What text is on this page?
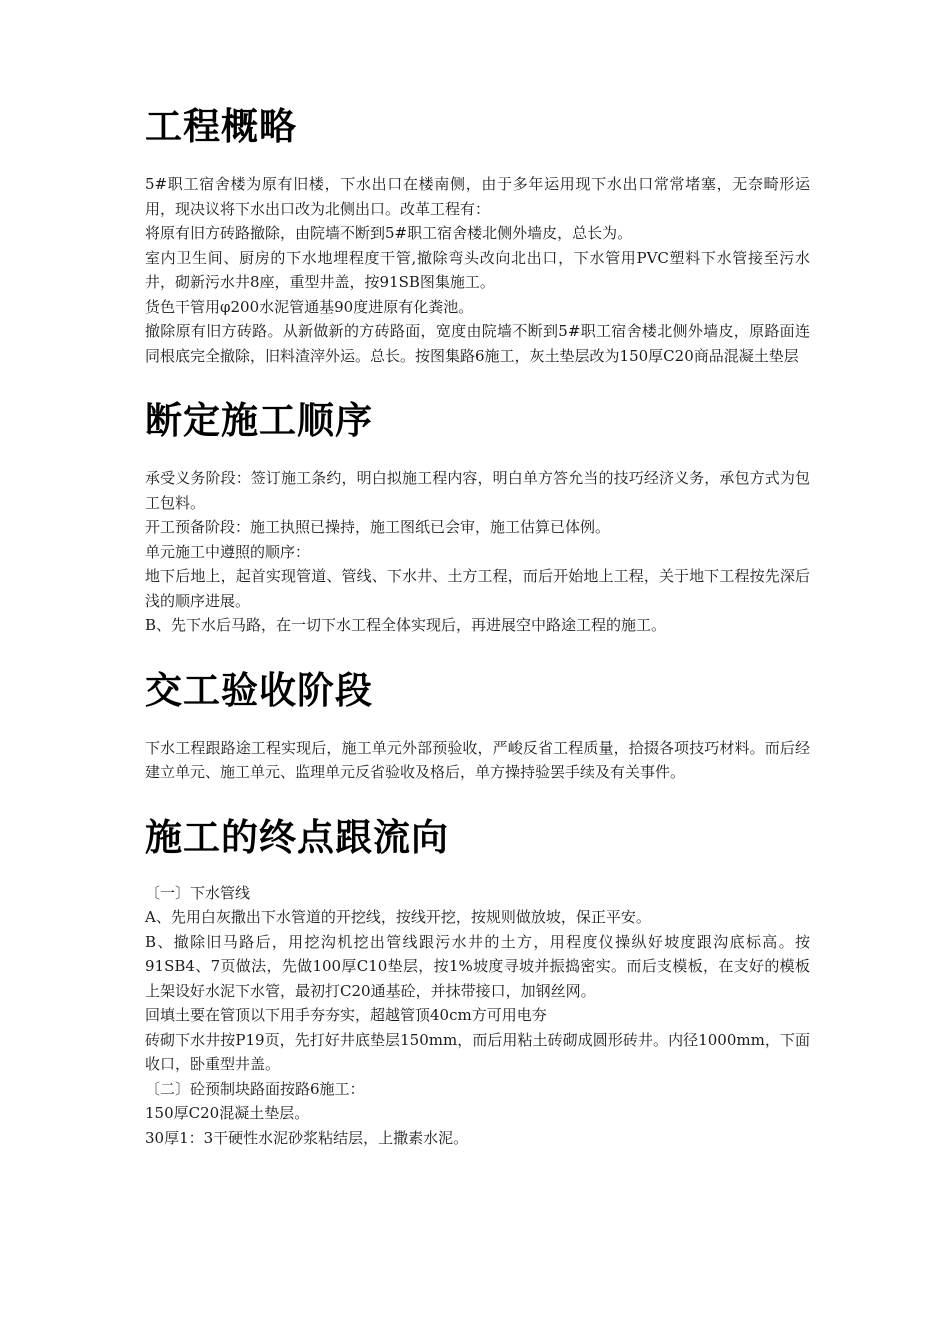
工程概略

5#职工宿舍楼为原有旧楼，下水出口在楼南侧，由于多年运用现下水出口常常堵塞，无奈畸形运用，现决议将下水出口改为北侧出口。改革工程有：

将原有旧方砖路撤除，由院墙不断到5#职工宿舍楼北侧外墙皮，总长为。

室内卫生间、厨房的下水地埋程度干管,撤除弯头改向北出口，下水管用PVC塑料下水管接至污水井，砌新污水井8座，重型井盖，按91SB图集施工。

货色干管用φ200水泥管通基90度进原有化粪池。

撤除原有旧方砖路。从新做新的方砖路面，宽度由院墙不断到5#职工宿舍楼北侧外墙皮，原路面连同根底完全撤除，旧料渣滓外运。总长。按图集路6施工，灰土垫层改为150厚C20商品混凝土垫层

断定施工顺序

承受义务阶段：签订施工条约，明白拟施工程内容，明白单方答允当的技巧经济义务，承包方式为包工包料。

开工预备阶段：施工执照已操持，施工图纸已会审，施工估算已体例。

单元施工中遵照的顺序：

地下后地上，起首实现管道、管线、下水井、土方工程，而后开始地上工程，关于地下工程按先深后浅的顺序进展。

B、先下水后马路，在一切下水工程全体实现后，再进展空中路途工程的施工。

交工验收阶段

下水工程跟路途工程实现后，施工单元外部预验收，严峻反省工程质量，拾掇各项技巧材料。而后经建立单元、施工单元、监理单元反省验收及格后，单方操持验罢手续及有关事件。

施工的终点跟流向

〔一〕下水管线

A、先用白灰撒出下水管道的开挖线，按线开挖，按规则做放坡，保正平安。

B、撤除旧马路后，用挖沟机挖出管线跟污水井的土方，用程度仪操纵好坡度跟沟底标高。按91SB4、7页做法，先做100厚C10垫层，按1%坡度寻坡并振捣密实。而后支模板，在支好的模板上架设好水泥下水管，最初打C20通基砼，并抹带接口，加钢丝网。

回填土要在管顶以下用手夯夯实，超越管顶40cm方可用电夯

砖砌下水井按P19页，先打好井底垫层150mm，而后用粘土砖砌成圆形砖井。内径1000mm，下面收口，卧重型井盖。

〔二〕砼预制块路面按路6施工：

150厚C20混凝土垫层。

30厚1：3干硬性水泥砂浆粘结层，上撒素水泥。
